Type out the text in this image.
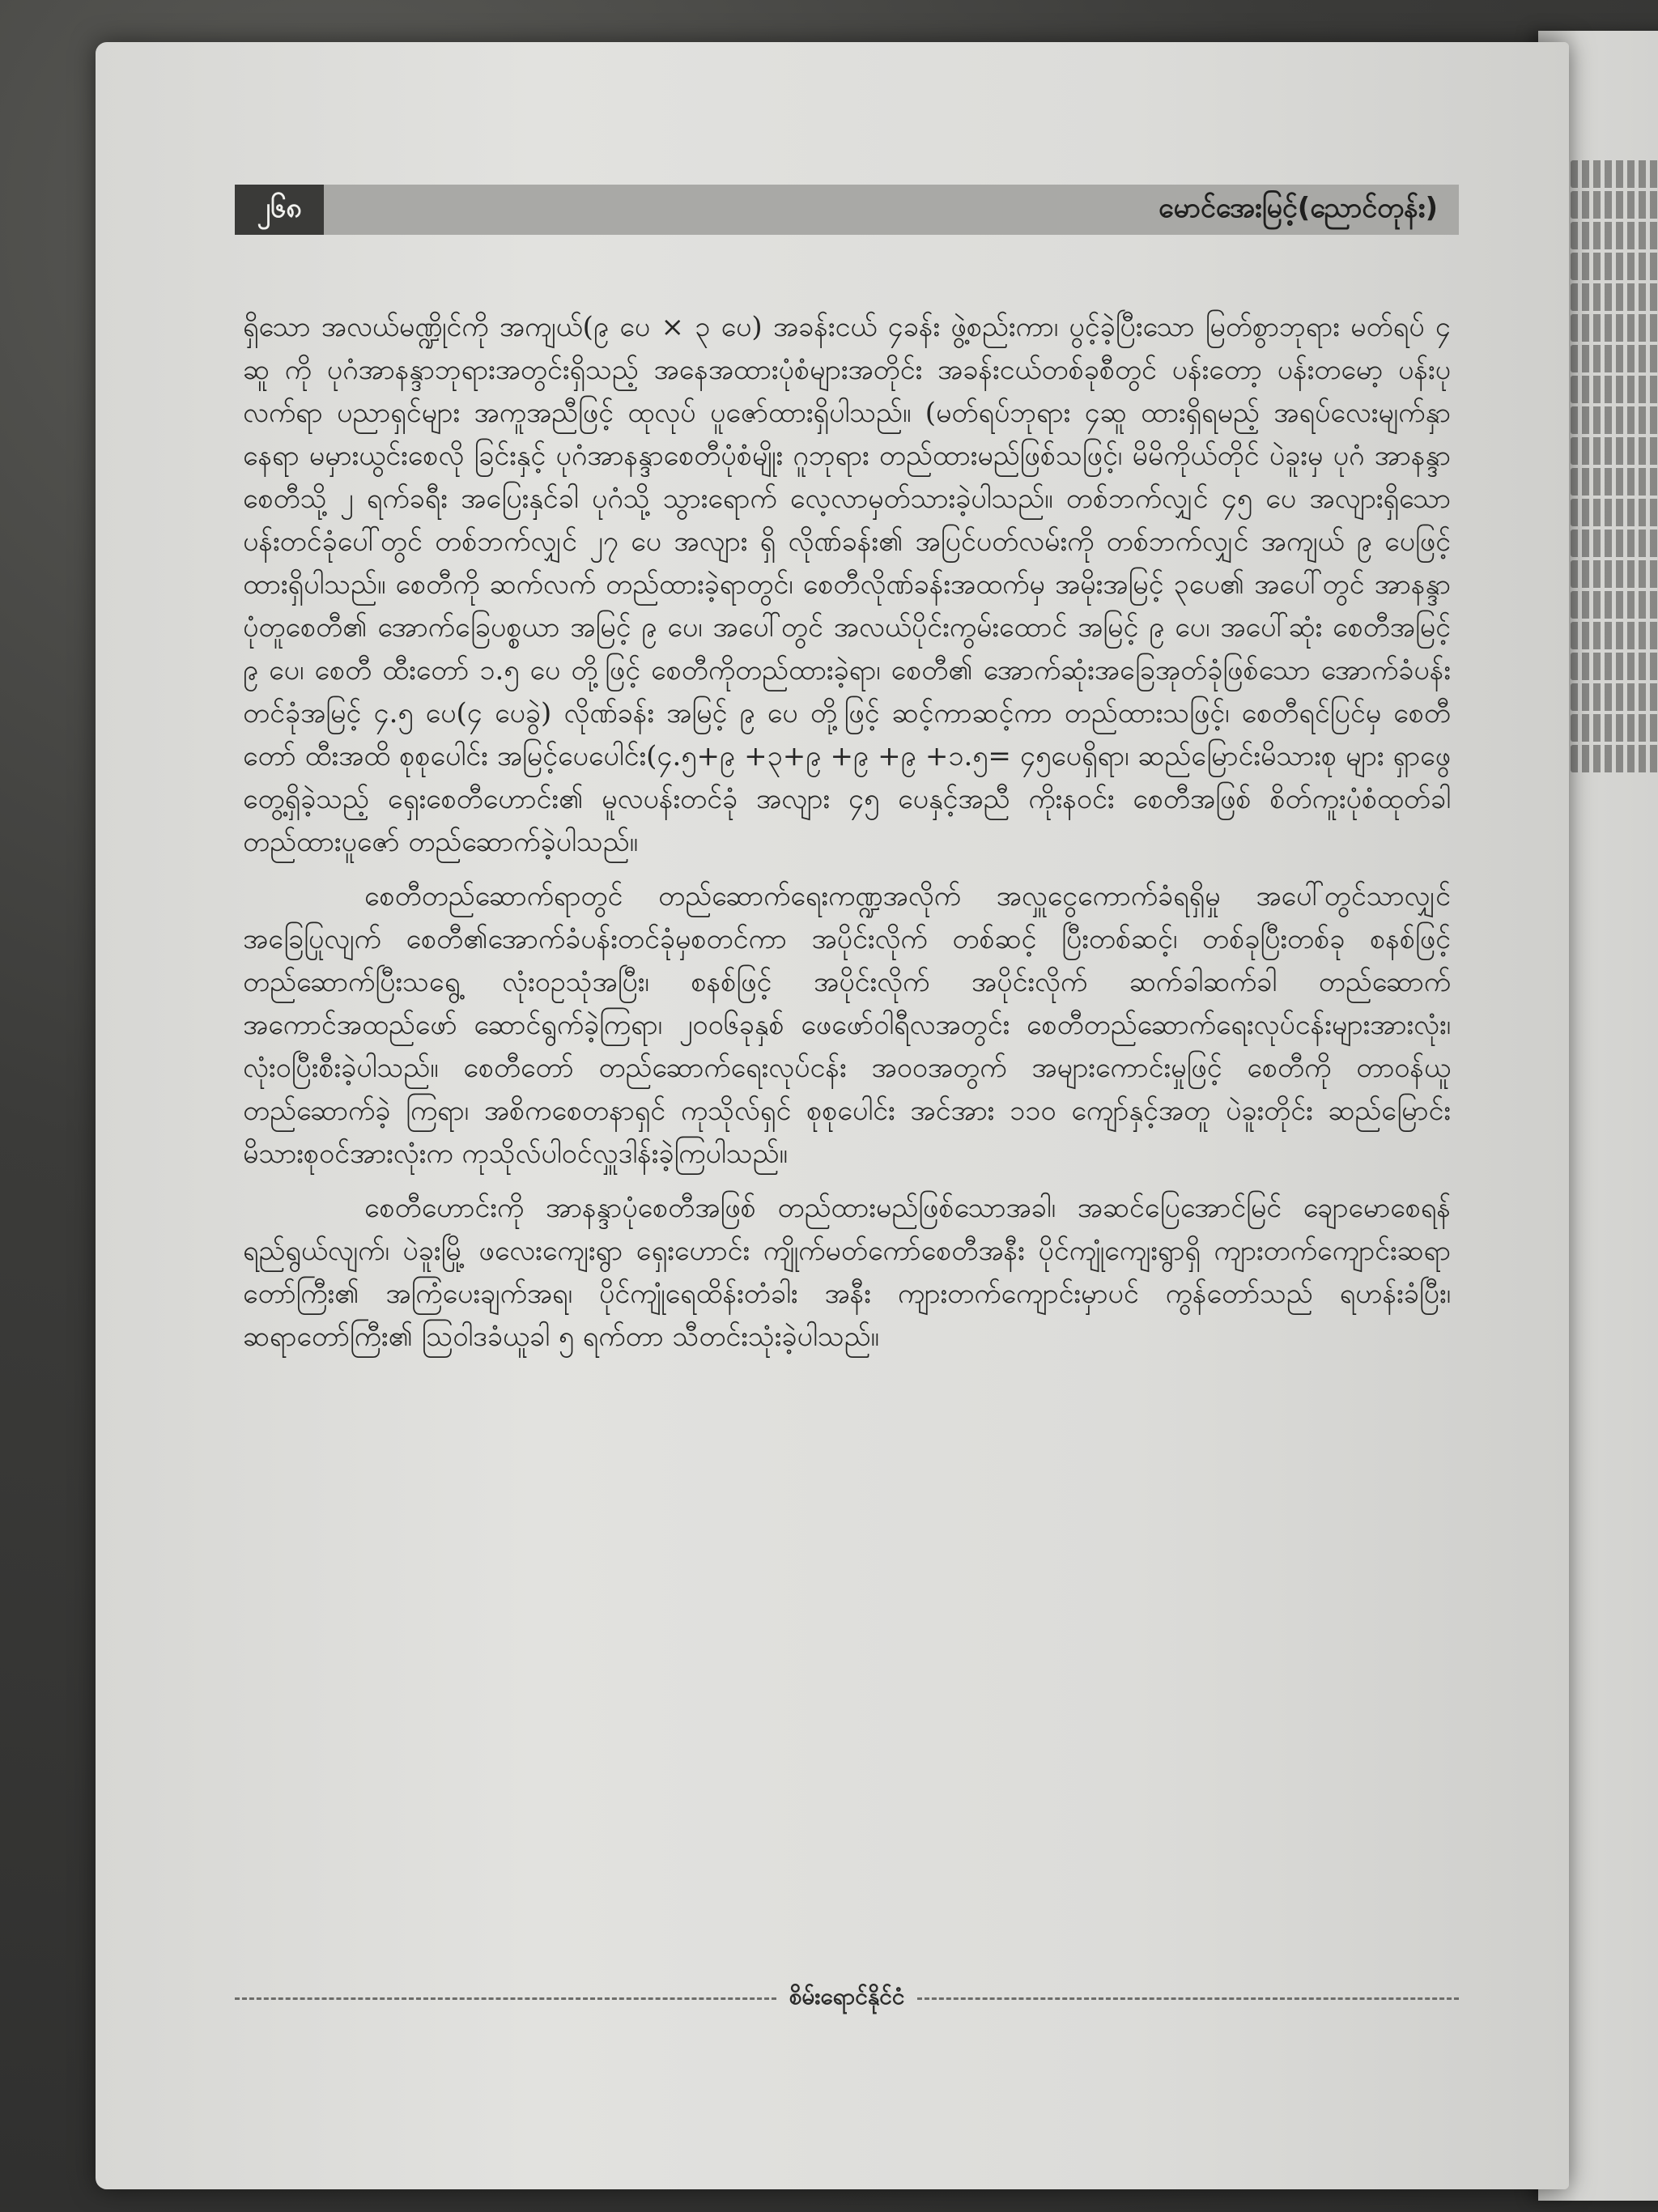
၂၆၈	မောင်အေးမြင့်(ညောင်တုန်း)

ရှိသော အလယ်မဏ္ဍိုင်ကို အကျယ်(၉ ပေ × ၃ ပေ) အခန်းငယ် ၄ခန်း ဖွဲ့စည်းကာ၊ ပွင့်ခဲ့ပြီးသော မြတ်စွာဘုရား မတ်ရပ် ၄ ဆူ ကို ပုဂံအာနန္ဒာဘုရားအတွင်းရှိသည့် အနေအထားပုံစံများအတိုင်း အခန်းငယ်တစ်ခုစီတွင် ပန်းတော့ ပန်းတမော့ ပန်းပုလက်ရာ ပညာရှင်များ အကူအညီဖြင့် ထုလုပ် ပူဇော်ထားရှိပါသည်။ (မတ်ရပ်ဘုရား ၄ဆူ ထားရှိရမည့် အရပ်လေးမျက်နှာနေရာ မမှားယွင်းစေလို ခြင်းနှင့် ပုဂံအာနန္ဒာစေတီပုံစံမျိုး ဂူဘုရား တည်ထားမည်ဖြစ်သဖြင့်၊ မိမိကိုယ်တိုင် ပဲခူးမှ ပုဂံ အာနန္ဒာ စေတီသို့ ၂ ရက်ခရီး အပြေးနှင်ခါ ပုဂံသို့ သွားရောက် လေ့လာမှတ်သားခဲ့ပါသည်။ တစ်ဘက်လျှင် ၄၅ ပေ အလျားရှိသော ပန်းတင်ခုံပေါ်တွင် တစ်ဘက်လျှင် ၂၇ ပေ အလျား ရှိ လိုဏ်ခန်း၏ အပြင်ပတ်လမ်းကို တစ်ဘက်လျှင် အကျယ် ၉ ပေဖြင့် ထားရှိပါသည်။ စေတီကို ဆက်လက် တည်ထားခဲ့ရာတွင်၊ စေတီလိုဏ်ခန်းအထက်မှ အမိုးအမြင့် ၃ပေ၏ အပေါ်တွင် အာနန္ဒာ ပုံတူစေတီ၏ အောက်ခြေပစ္စယာ အမြင့် ၉ ပေ၊ အပေါ်တွင် အလယ်ပိုင်းကွမ်းထောင် အမြင့် ၉ ပေ၊ အပေါ်ဆုံး စေတီအမြင့် ၉ ပေ၊ စေတီ ထီးတော် ၁.၅ ပေ တို့ဖြင့် စေတီကိုတည်ထားခဲ့ရာ၊ စေတီ၏ အောက်ဆုံးအခြေအုတ်ခုံဖြစ်သော အောက်ခံပန်းတင်ခုံအမြင့် ၄.၅ ပေ(၄ ပေခွဲ) လိုဏ်ခန်း အမြင့် ၉ ပေ တို့ဖြင့် ဆင့်ကာဆင့်ကာ တည်ထားသဖြင့်၊ စေတီရင်ပြင်မှ စေတီတော် ထီးအထိ စုစုပေါင်း အမြင့်ပေပေါင်း(၄.၅+၉ +၃+၉ +၉ +၉ +၁.၅= ၄၅ပေရှိရာ၊ ဆည်မြောင်းမိသားစု များ ရှာဖွေတွေ့ရှိခဲ့သည့် ရှေးစေတီဟောင်း၏ မူလပန်းတင်ခုံ အလျား ၄၅ ပေနှင့်အညီ ကိုးနဝင်း စေတီအဖြစ် စိတ်ကူးပုံစံထုတ်ခါ တည်ထားပူဇော် တည်ဆောက်ခဲ့ပါသည်။

စေတီတည်ဆောက်ရာတွင် တည်ဆောက်ရေးကဏ္ဍအလိုက် အလှူငွေကောက်ခံရရှိမှု အပေါ်တွင်သာလျှင်အခြေပြုလျက် စေတီ၏အောက်ခံပန်းတင်ခုံမှစတင်ကာ အပိုင်းလိုက် တစ်ဆင့် ပြီးတစ်ဆင့်၊ တစ်ခုပြီးတစ်ခု စနစ်ဖြင့် တည်ဆောက်ပြီးသရွေ့ လုံးဝဥသုံအပြီး၊ စနစ်ဖြင့် အပိုင်းလိုက် အပိုင်းလိုက် ဆက်ခါဆက်ခါ တည်ဆောက် အကောင်အထည်ဖော် ဆောင်ရွက်ခဲ့ကြရာ၊ ၂၀၀၆ခုနှစ် ဖေဖော်ဝါရီလအတွင်း စေတီတည်ဆောက်ရေးလုပ်ငန်းများအားလုံး၊ လုံးဝပြီးစီးခဲ့ပါသည်။ စေတီတော် တည်ဆောက်ရေးလုပ်ငန်း အဝဝအတွက် အများကောင်းမှုဖြင့် စေတီကို တာဝန်ယူတည်ဆောက်ခဲ့ ကြရာ၊ အစိကစေတနာရှင် ကုသိုလ်ရှင် စုစုပေါင်း အင်အား ၁၁၀ ကျော်နှင့်အတူ ပဲခူးတိုင်း ဆည်မြောင်းမိသားစုဝင်အားလုံးက ကုသိုလ်ပါဝင်လှူဒါန်းခဲ့ကြပါသည်။

စေတီဟောင်းကို အာနန္ဒာပုံစေတီအဖြစ် တည်ထားမည်ဖြစ်သောအခါ၊ အဆင်ပြေအောင်မြင် ချောမောစေရန် ရည်ရွယ်လျက်၊ ပဲခူးမြို့ ဖလေးကျေးရွာ ရှေးဟောင်း ကျိုက်မတ်ကော်စေတီအနီး ပိုင်ကျုံကျေးရွာရှိ ကျားတက်ကျောင်းဆရာတော်ကြီး၏ အကြံပေးချက်အရ၊ ပိုင်ကျုံရေထိန်းတံခါး အနီး ကျားတက်ကျောင်းမှာပင် ကွန်တော်သည် ရဟန်းခံပြီး၊ ဆရာတော်ကြီး၏ ဩဝါဒခံယူခါ ၅ ရက်တာ သီတင်းသုံးခဲ့ပါသည်။

စိမ်းရောင်နိုင်ငံ
